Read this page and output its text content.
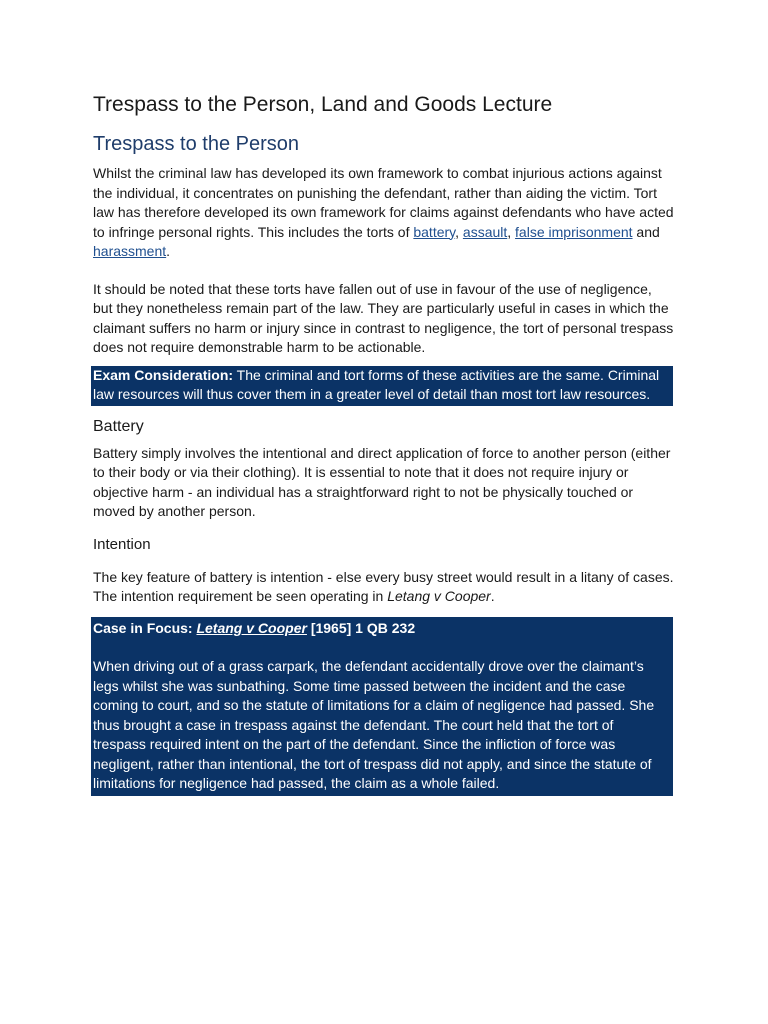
Trespass to the Person, Land and Goods Lecture
Trespass to the Person

Whilst the criminal law has developed its own framework to combat injurious actions against the individual, it concentrates on punishing the defendant, rather than aiding the victim. Tort law has therefore developed its own framework for claims against defendants who have acted to infringe personal rights. This includes the torts of battery, assault, false imprisonment and harassment.

It should be noted that these torts have fallen out of use in favour of the use of negligence, but they nonetheless remain part of the law. They are particularly useful in cases in which the claimant suffers no harm or injury since in contrast to negligence, the tort of personal trespass does not require demonstrable harm to be actionable.

Exam Consideration: The criminal and tort forms of these activities are the same. Criminal law resources will thus cover them in a greater level of detail than most tort law resources.
Battery

Battery simply involves the intentional and direct application of force to another person (either to their body or via their clothing). It is essential to note that it does not require injury or objective harm - an individual has a straightforward right to not be physically touched or moved by another person.

Intention

The key feature of battery is intention - else every busy street would result in a litany of cases. The intention requirement be seen operating in Letang v Cooper.

Case in Focus: Letang v Cooper [1965] 1 QB 232
When driving out of a grass carpark, the defendant accidentally drove over the claimant’s legs whilst she was sunbathing. Some time passed between the incident and the case coming to court, and so the statute of limitations for a claim of negligence had passed. She thus brought a case in trespass against the defendant. The court held that the tort of trespass required intent on the part of the defendant. Since the infliction of force was negligent, rather than intentional, the tort of trespass did not apply, and since the statute of limitations for negligence had passed, the claim as a whole failed.
